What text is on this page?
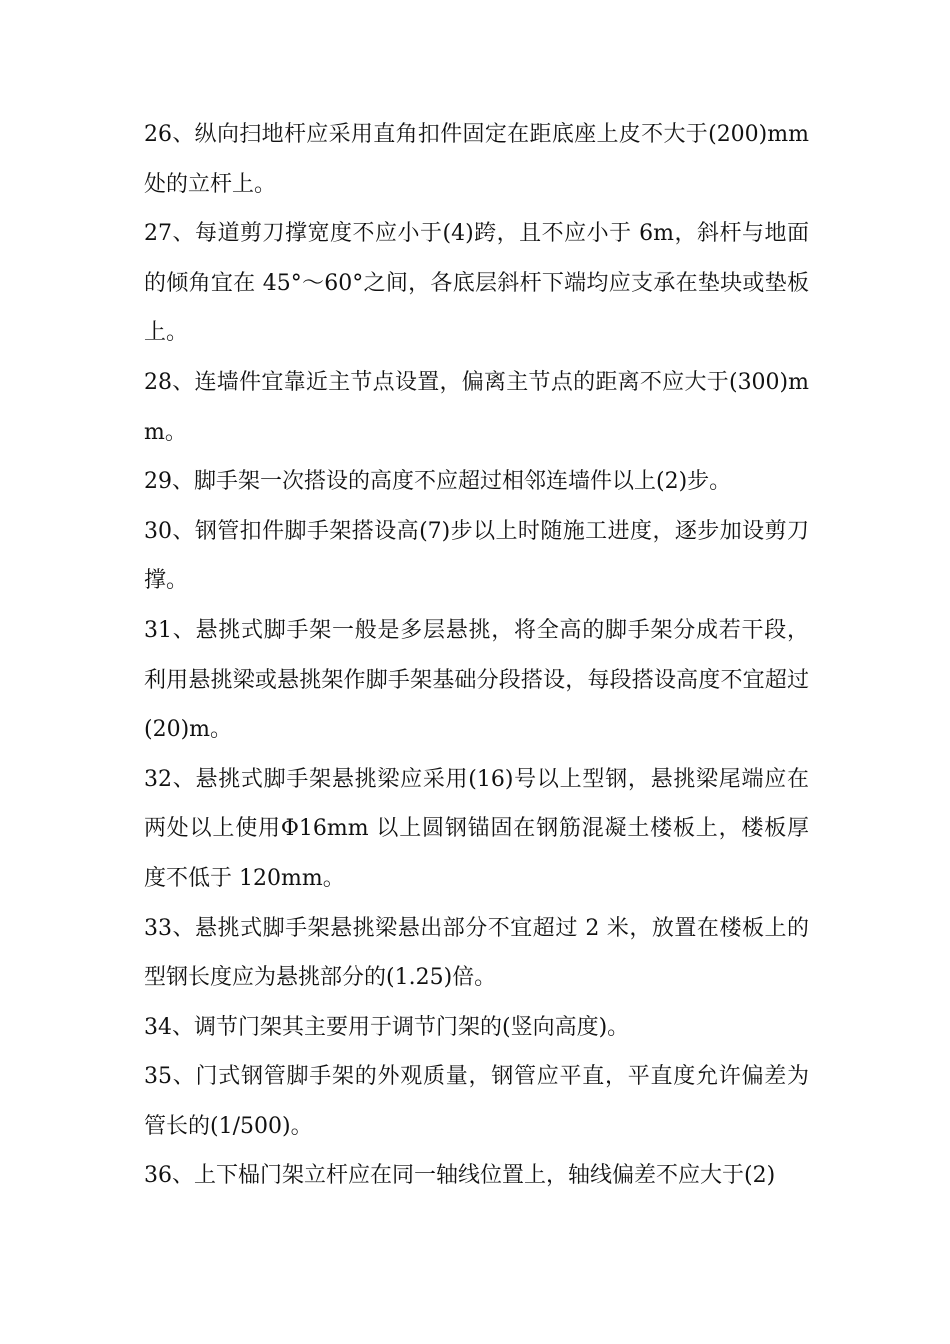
26、纵向扫地杆应采用直角扣件固定在距底座上皮不大于(200)mm 处的立杆上。

27、每道剪刀撑宽度不应小于(4)跨，且不应小于 6m，斜杆与地面的倾角宜在 45°～60°之间，各底层斜杆下端均应支承在垫块或垫板上。

28、连墙件宜靠近主节点设置，偏离主节点的距离不应大于(300)mm。

29、脚手架一次搭设的高度不应超过相邻连墙件以上(2)步。

30、钢管扣件脚手架搭设高(7)步以上时随施工进度，逐步加设剪刀撑。

31、悬挑式脚手架一般是多层悬挑，将全高的脚手架分成若干段，利用悬挑梁或悬挑架作脚手架基础分段搭设，每段搭设高度不宜超过(20)m。

32、悬挑式脚手架悬挑梁应采用(16)号以上型钢，悬挑梁尾端应在两处以上使用Φ16mm 以上圆钢锚固在钢筋混凝土楼板上，楼板厚度不低于 120mm。

33、悬挑式脚手架悬挑梁悬出部分不宜超过 2 米，放置在楼板上的型钢长度应为悬挑部分的(1.25)倍。

34、调节门架其主要用于调节门架的(竖向高度)。

35、门式钢管脚手架的外观质量，钢管应平直，平直度允许偏差为管长的(1/500)。

36、上下榀门架立杆应在同一轴线位置上，轴线偏差不应大于(2)
